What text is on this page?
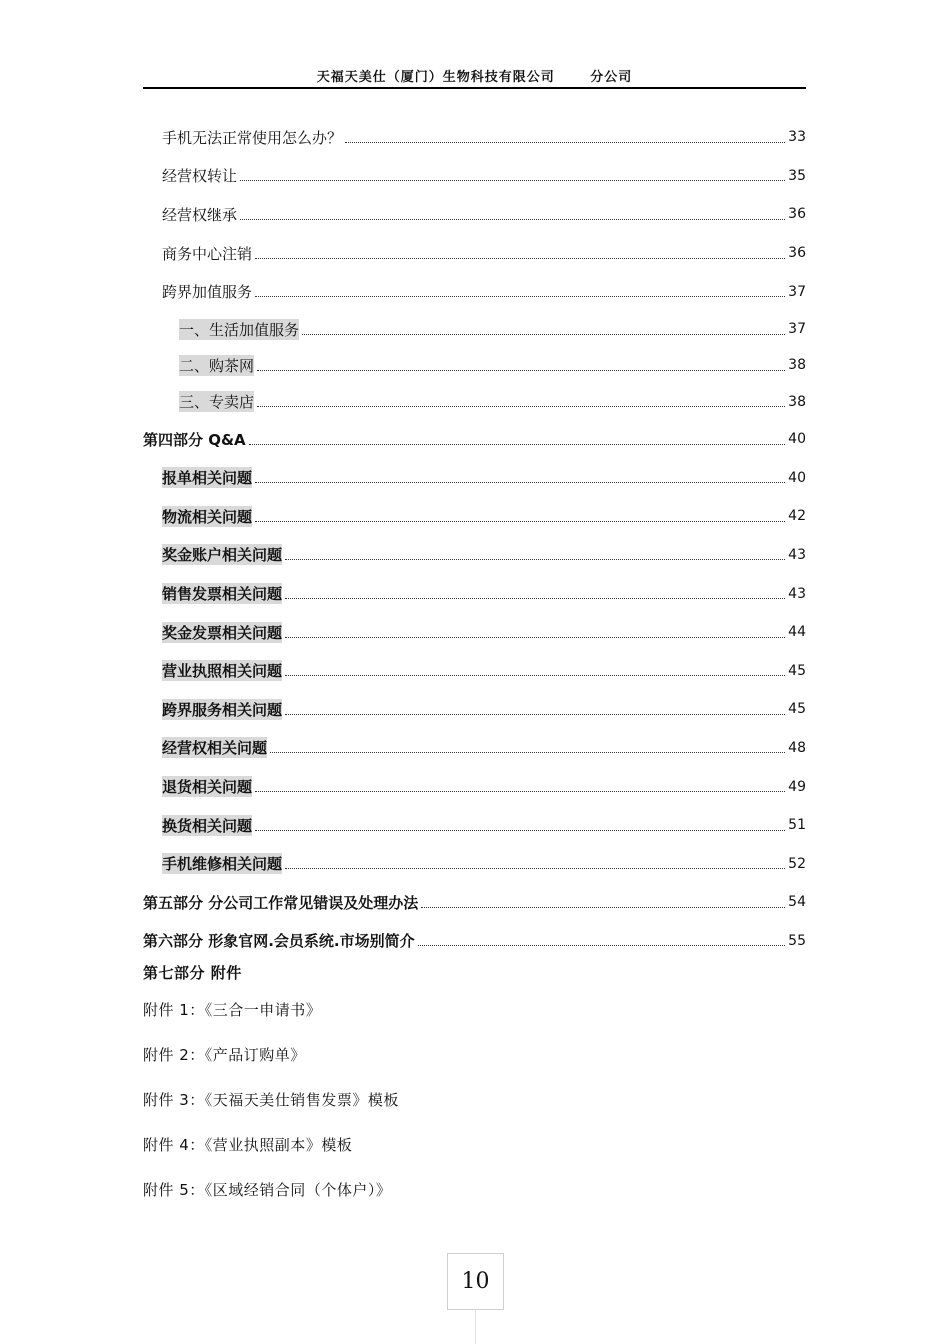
天福天美仕（厦门）生物科技有限公司	分公司
手机无法正常使用怎么办？	33
经营权转让	35
经营权继承	36
商务中心注销	36
跨界加值服务	37
一、生活加值服务	37
二、购茶网	38
三、专卖店	38
第四部分 Q&A	40
报单相关问题	40
物流相关问题	42
奖金账户相关问题	43
销售发票相关问题	43
奖金发票相关问题	44
营业执照相关问题	45
跨界服务相关问题	45
经营权相关问题	48
退货相关问题	49
换货相关问题	51
手机维修相关问题	52
第五部分 分公司工作常见错误及处理办法	54
第六部分 形象官网.会员系统.市场别简介	55
第七部分 附件
附件 1：《三合一申请书》
附件 2：《产品订购单》
附件 3：《天福天美仕销售发票》模板
附件 4：《营业执照副本》模板
附件 5：《区域经销合同（个体户）》
10
